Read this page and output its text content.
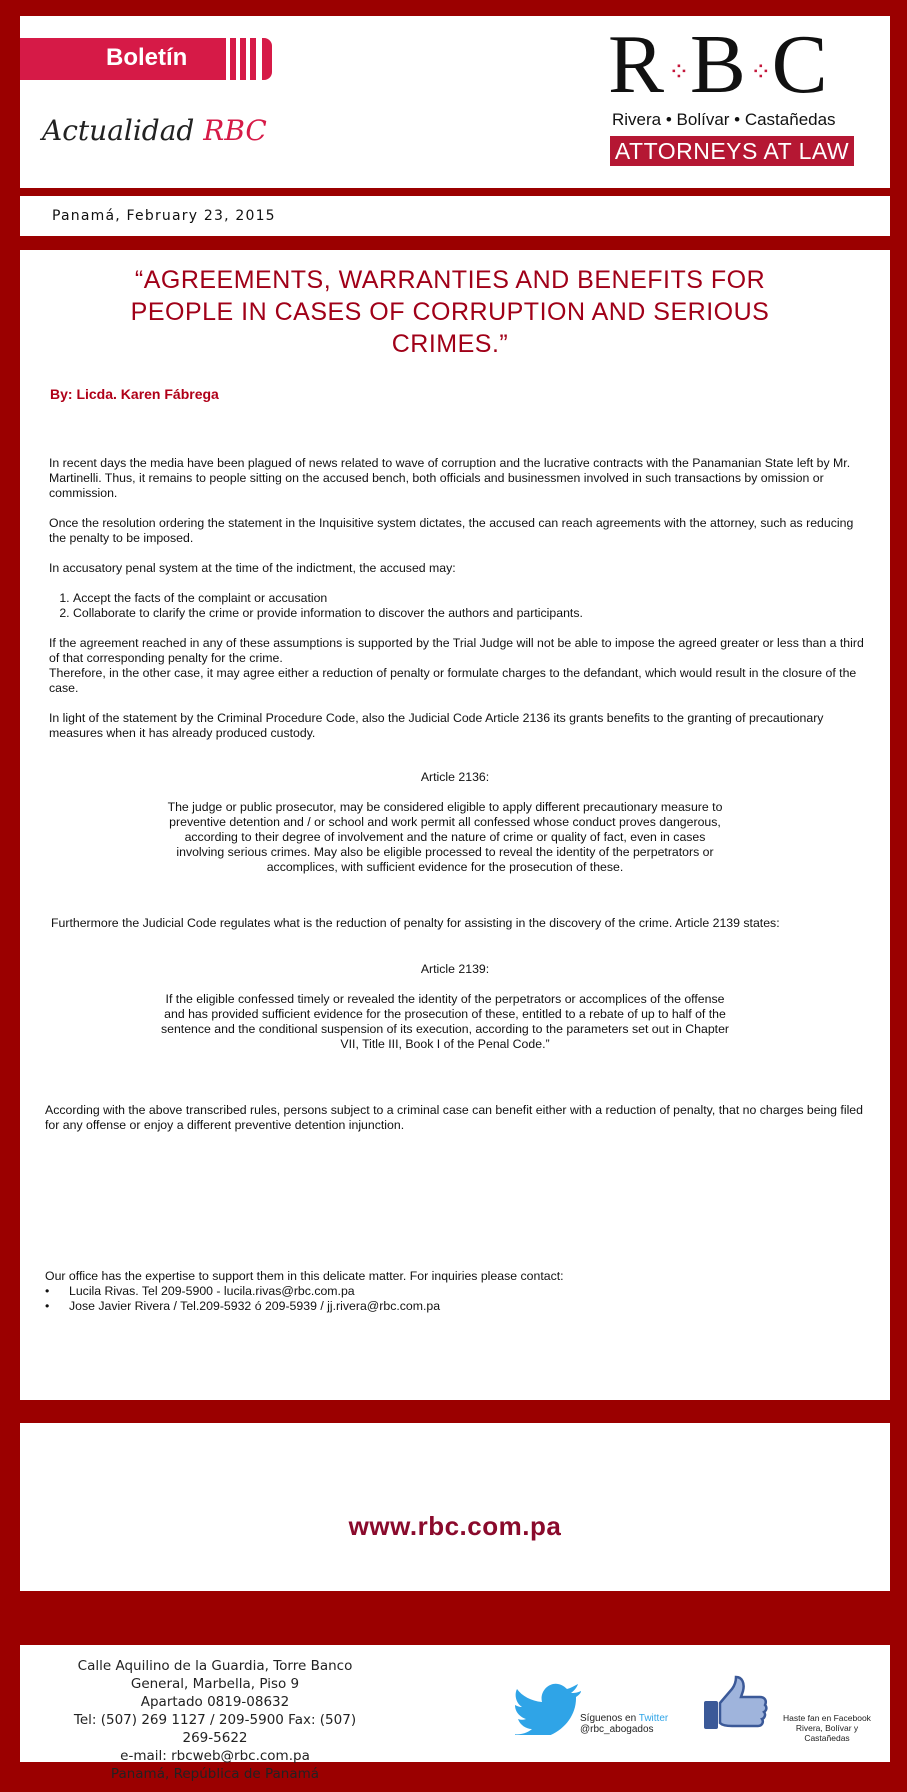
Boletín
Actualidad RBC
R⁘B⁘C
Rivera • Bolívar • Castañedas
ATTORNEYS AT LAW
Panamá, February 23, 2015
“AGREEMENTS, WARRANTIES AND BENEFITS FOR PEOPLE IN CASES OF CORRUPTION AND SERIOUS CRIMES.”
By: Licda. Karen Fábrega

In recent days the media have been plagued of news related to wave of corruption and the lucrative contracts with the Panamanian State left by Mr. Martinelli. Thus, it remains to people sitting on the accused bench, both officials and businessmen involved in such transactions by omission or commission.

Once the resolution ordering the statement in the Inquisitive system dictates, the accused can reach agreements with the attorney, such as reducing the penalty to be imposed.

In accusatory penal system at the time of the indictment, the accused may:

1. Accept the facts of the complaint or accusation
2. Collaborate to clarify the crime or provide information to discover the authors and participants.

If the agreement reached in any of these assumptions is supported by the Trial Judge will not be able to impose the agreed greater or less than a third of that corresponding penalty for the crime.

Therefore, in the other case, it may agree either a reduction of penalty or formulate charges to the defandant, which would result in the closure of the case.

In light of the statement by the Criminal Procedure Code, also the Judicial Code Article 2136 its grants benefits to the granting of precautionary measures when it has already produced custody.

Article 2136:
The judge or public prosecutor, may be considered eligible to apply different precautionary measure to preventive detention and / or school and work permit all confessed whose conduct proves dangerous, according to their degree of involvement and the nature of crime or quality of fact, even in cases involving serious crimes. May also be eligible processed to reveal the identity of the perpetrators or accomplices, with sufficient evidence for the prosecution of these.
Furthermore the Judicial Code regulates what is the reduction of penalty for assisting in the discovery of the crime. Article 2139 states:
Article 2139:
If the eligible confessed timely or revealed the identity of the perpetrators or accomplices of the offense and has provided sufficient evidence for the prosecution of these, entitled to a rebate of up to half of the sentence and the conditional suspension of its execution, according to the parameters set out in Chapter VII, Title III, Book I of the Penal Code.”
According with the above transcribed rules, persons subject to a criminal case can benefit either with a reduction of penalty, that no charges being filed for any offense or enjoy a different preventive detention injunction.
Our office has the expertise to support them in this delicate matter. For inquiries please contact:
• Lucila Rivas. Tel 209-5900 - lucila.rivas@rbc.com.pa
• Jose Javier Rivera / Tel.209-5932 ó 209-5939 / jj.rivera@rbc.com.pa
www.rbc.com.pa
Calle Aquilino de la Guardia, Torre Banco General, Marbella, Piso 9
Apartado 0819-08632
Tel: (507) 269 1127 / 209-5900 Fax: (507) 269-5622
e-mail: rbcweb@rbc.com.pa
Panamá, República de Panamá
Síguenos en Twitter
@rbc_abogados
Haste fan en Facebook
Rivera, Bolívar y Castañedas
